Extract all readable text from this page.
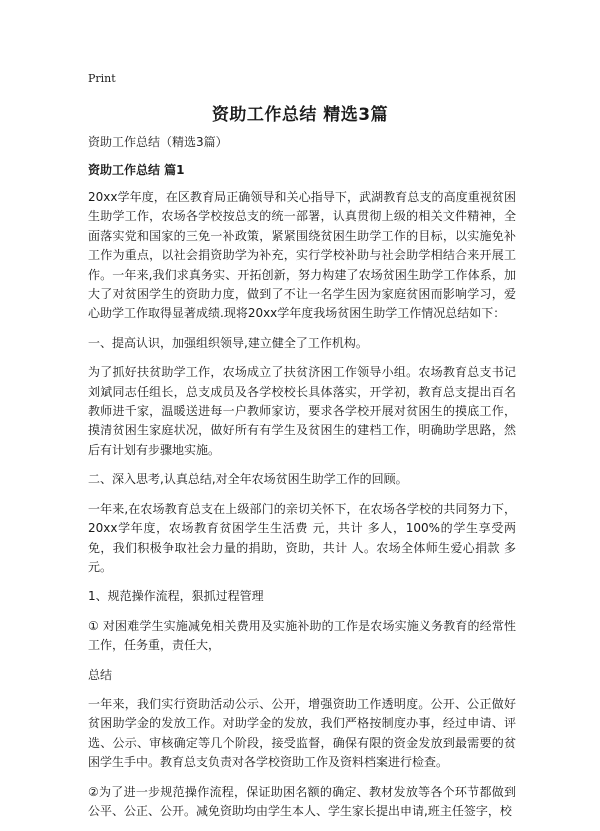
Print
资助工作总结 精选3篇

资助工作总结（精选3篇）

资助工作总结 篇1

20xx学年度，在区教育局正确领导和关心指导下，武湖教育总支的高度重视贫困生助学工作，农场各学校按总支的统一部署，认真贯彻上级的相关文件精神，全面落实党和国家的三免一补政策，紧紧围绕贫困生助学工作的目标，以实施免补工作为重点，以社会捐资助学为补充，实行学校补助与社会助学相结合来开展工作。一年来,我们求真务实、开拓创新，努力构建了农场贫困生助学工作体系，加大了对贫困学生的资助力度，做到了不让一名学生因为家庭贫困而影响学习，爱心助学工作取得显著成绩.现将20xx学年度我场贫困生助学工作情况总结如下：

一、提高认识，加强组织领导,建立健全了工作机构。

为了抓好扶贫助学工作，农场成立了扶贫济困工作领导小组。农场教育总支书记刘斌同志任组长，总支成员及各学校校长具体落实，开学初，教育总支提出百名教师进千家，温暖送进每一户教师家访，要求各学校开展对贫困生的摸底工作，摸清贫困生家庭状况，做好所有有学生及贫困生的建档工作，明确助学思路，然后有计划有步骤地实施。

二、深入思考,认真总结,对全年农场贫困生助学工作的回顾。

一年来,在农场教育总支在上级部门的亲切关怀下，在农场各学校的共同努力下，20xx学年度，农场教育贫困学生生活费 元，共计 多人，100%的学生享受两免，我们积极争取社会力量的捐助，资助，共计 人。农场全体师生爱心捐款 多元。

1、规范操作流程，狠抓过程管理

① 对困难学生实施减免相关费用及实施补助的工作是农场实施义务教育的经常性工作，任务重，责任大，

总结

一年来，我们实行资助活动公示、公开，增强资助工作透明度。公开、公正做好贫困助学金的发放工作。对助学金的发放，我们严格按制度办事，经过申请、评选、公示、审核确定等几个阶段，接受监督，确保有限的资金发放到最需要的贫困学生手中。教育总支负责对各学校资助工作及资料档案进行检查。

②为了进一步规范操作流程，保证助困名额的确定、教材发放等各个环节都做到公平、公正、公开。减免资助均由学生本人、学生家长提出申请,班主任签字，校
